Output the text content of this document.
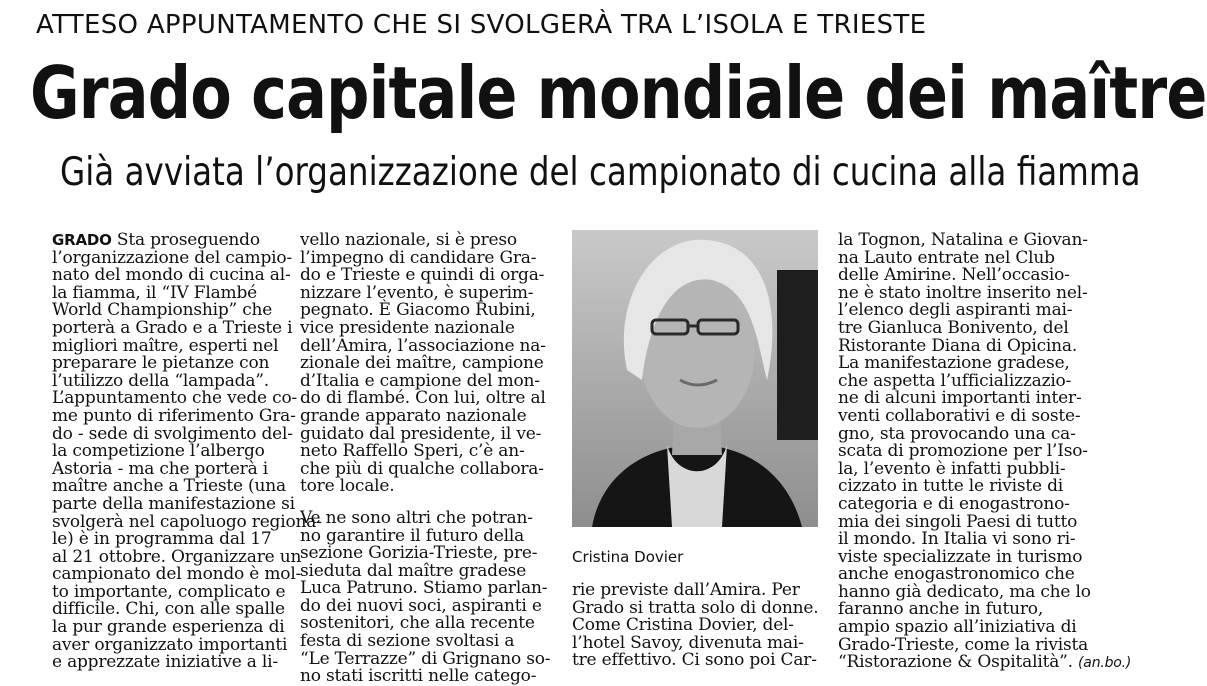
ATTESO APPUNTAMENTO CHE SI SVOLGERÀ TRA L’ISOLA E TRIESTE
Grado capitale mondiale dei maître
Già avviata l’organizzazione del campionato di cucina alla fiamma
GRADO Sta proseguendo
l’organizzazione del campio-
nato del mondo di cucina al-
la fiamma, il “IV Flambé
World Championship” che
porterà a Grado e a Trieste i
migliori maître, esperti nel
preparare le pietanze con
l’utilizzo della “lampada”.
L’appuntamento che vede co-
me punto di riferimento Gra-
do - sede di svolgimento del-
la competizione l’albergo
Astoria - ma che porterà i
maître anche a Trieste (una
parte della manifestazione si
svolgerà nel capoluogo regiona-
le) è in programma dal 17
al 21 ottobre. Organizzare un
campionato del mondo è mol-
to importante, complicato e
difficile. Chi, con alle spalle
la pur grande esperienza di
aver organizzato importanti
e apprezzate iniziative a li-
vello nazionale, si è preso
l’impegno di candidare Gra-
do e Trieste e quindi di orga-
nizzare l’evento, è superim-
pegnato. È Giacomo Rubini,
vice presidente nazionale
dell’Amira, l’associazione na-
zionale dei maître, campione
d’Italia e campione del mon-
do di flambé. Con lui, oltre al
grande apparato nazionale
guidato dal presidente, il ve-
neto Raffello Speri, c’è an-
che più di qualche collabora-
tore locale.
Ve ne sono altri che potran-
no garantire il futuro della
sezione Gorizia-Trieste, pre-
sieduta dal maître gradese
Luca Patruno. Stiamo parlan-
do dei nuovi soci, aspiranti e
sostenitori, che alla recente
festa di sezione svoltasi a
“Le Terrazze” di Grignano so-
no stati iscritti nelle catego-
Cristina Dovier
rie previste dall’Amira. Per
Grado si tratta solo di donne.
Come Cristina Dovier, del-
l’hotel Savoy, divenuta mai-
tre effettivo. Ci sono poi Car-
la Tognon, Natalina e Giovan-
na Lauto entrate nel Club
delle Amirine. Nell’occasio-
ne è stato inoltre inserito nel-
l’elenco degli aspiranti mai-
tre Gianluca Bonivento, del
Ristorante Diana di Opicina.
La manifestazione gradese,
che aspetta l’ufficializzazio-
ne di alcuni importanti inter-
venti collaborativi e di soste-
gno, sta provocando una ca-
scata di promozione per l’Iso-
la, l’evento è infatti pubbli-
cizzato in tutte le riviste di
categoria e di enogastrono-
mia dei singoli Paesi di tutto
il mondo. In Italia vi sono ri-
viste specializzate in turismo
anche enogastronomico che
hanno già dedicato, ma che lo
faranno anche in futuro,
ampio spazio all’iniziativa di
Grado-Trieste, come la rivista
“Ristorazione & Ospitalità”. (an.bo.)
